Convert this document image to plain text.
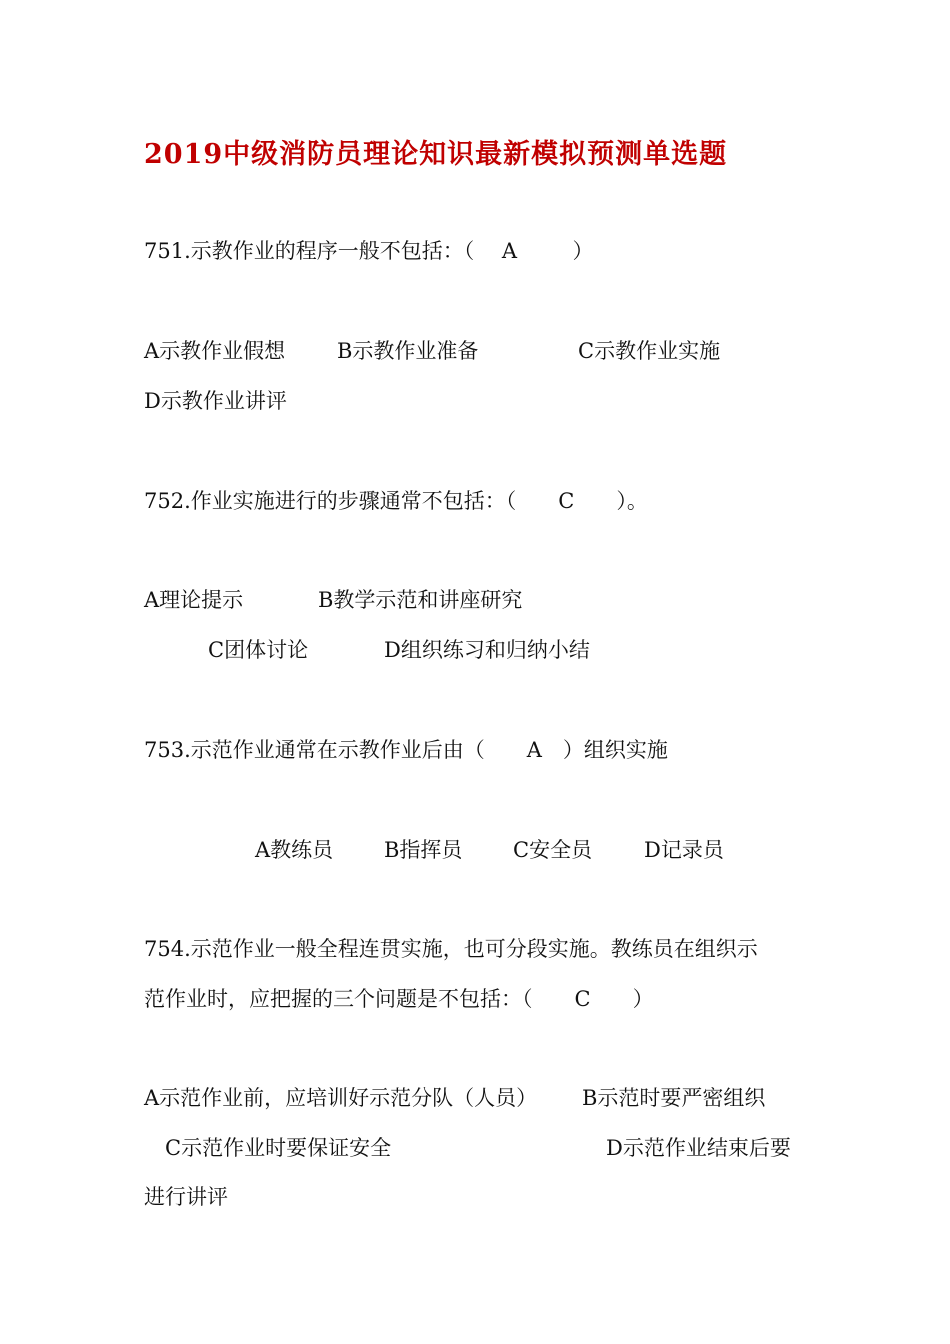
2019中级消防员理论知识最新模拟预测单选题
751.示教作业的程序一般不包括：（　 A 　　 ）
A示教作业假想 B示教作业准备	C示教作业实施
D示教作业讲评
752.作业实施进行的步骤通常不包括：（　　C　　）。
A理论提示	B教学示范和讲座研究
C团体讨论	D组织练习和归纳小结
753.示范作业通常在示教作业后由（　　A　）组织实施
A教练员 B指挥员 C安全员 D记录员
754.示范作业一般全程连贯实施，也可分段实施。教练员在组织示
范作业时，应把握的三个问题是不包括：（　　C　　）
A示范作业前，应培训好示范分队（人员） B示范时要严密组织
C示范作业时要保证安全	D示范作业结束后要
进行讲评
